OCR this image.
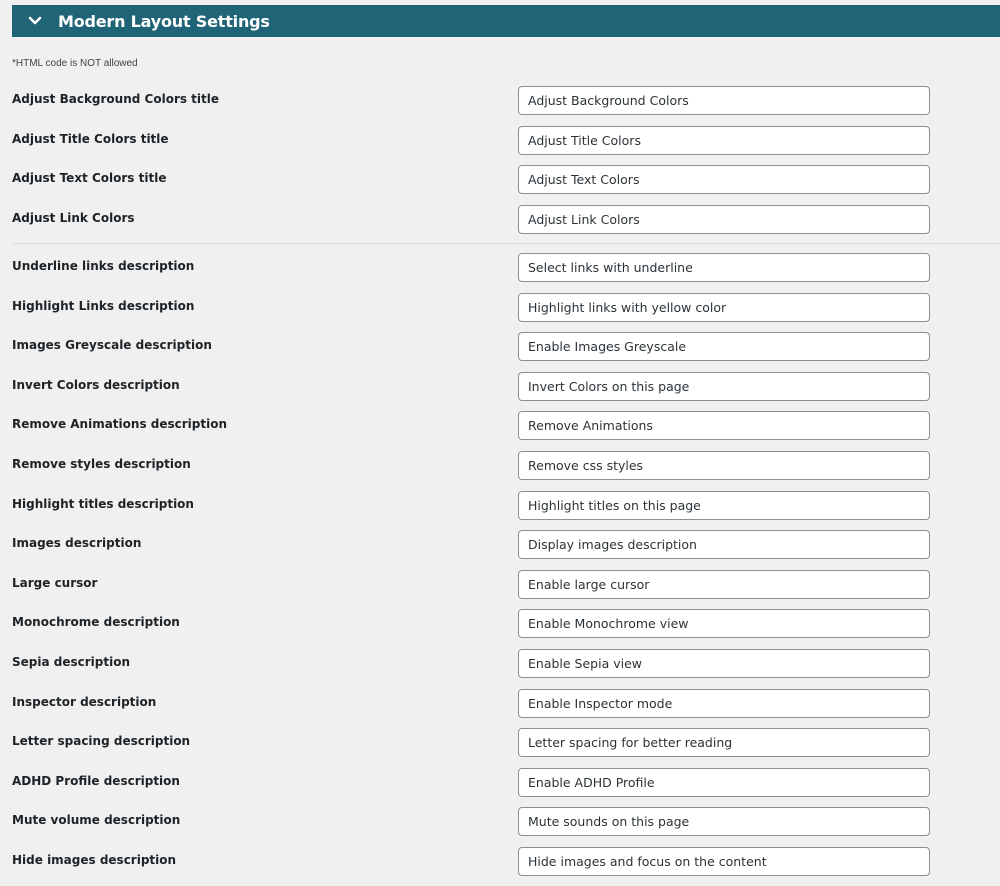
Modern Layout Settings
*HTML code is NOT allowed
Adjust Background Colors title
Adjust Background Colors
Adjust Title Colors title
Adjust Title Colors
Adjust Text Colors title
Adjust Text Colors
Adjust Link Colors
Adjust Link Colors
Underline links description
Select links with underline
Highlight Links description
Highlight links with yellow color
Images Greyscale description
Enable Images Greyscale
Invert Colors description
Invert Colors on this page
Remove Animations description
Remove Animations
Remove styles description
Remove css styles
Highlight titles description
Highlight titles on this page
Images description
Display images description
Large cursor
Enable large cursor
Monochrome description
Enable Monochrome view
Sepia description
Enable Sepia view
Inspector description
Enable Inspector mode
Letter spacing description
Letter spacing for better reading
ADHD Profile description
Enable ADHD Profile
Mute volume description
Mute sounds on this page
Hide images description
Hide images and focus on the content
